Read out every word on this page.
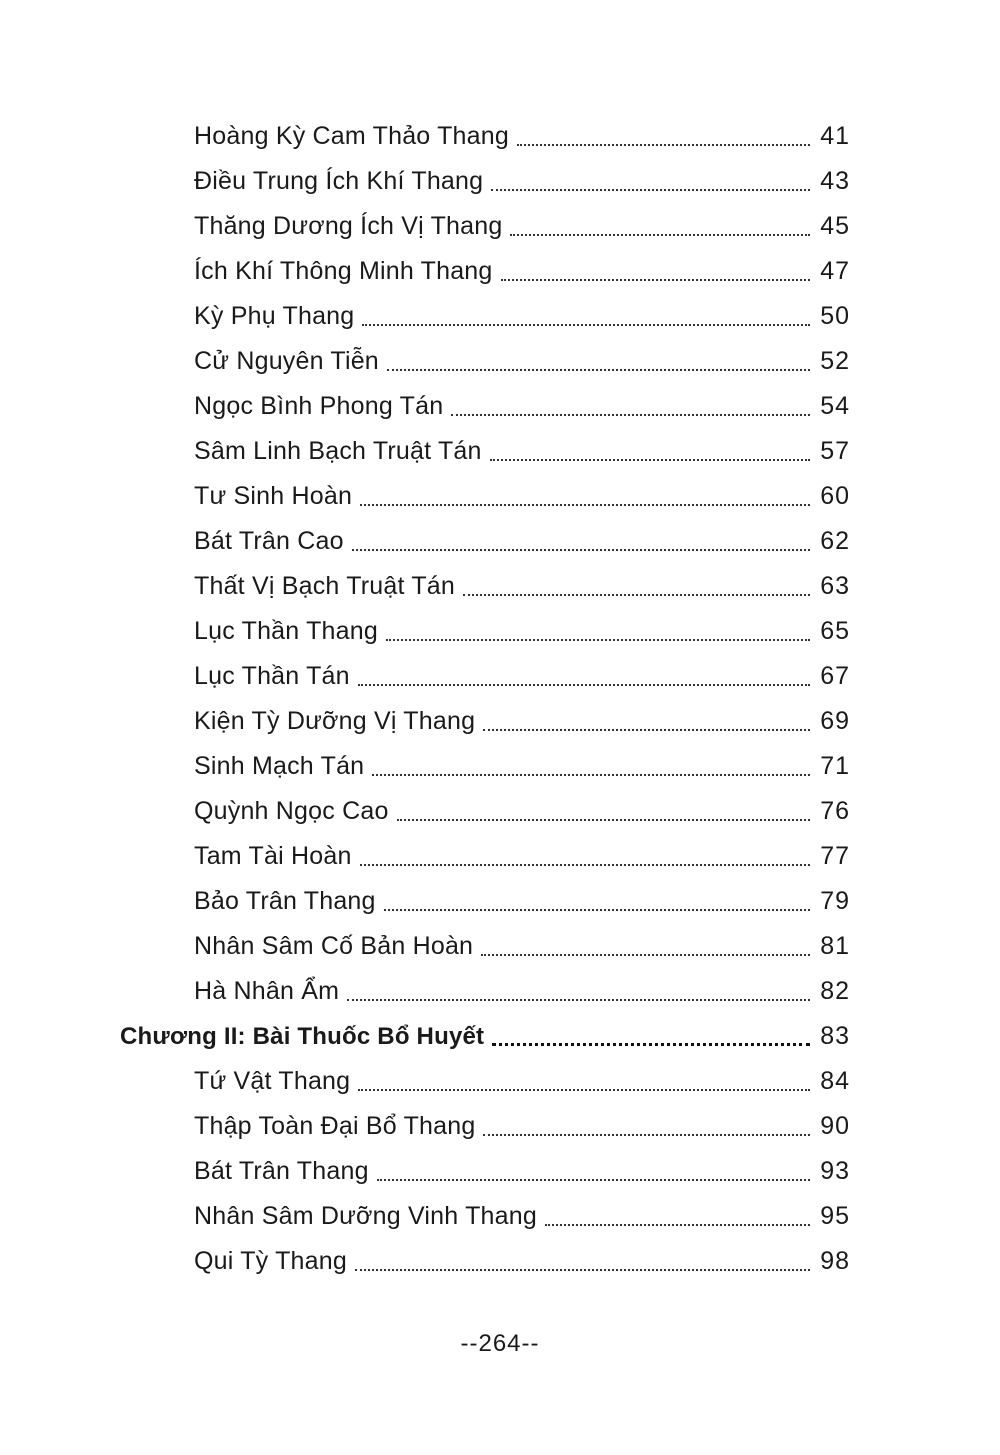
Hoàng Kỳ Cam Thảo Thang	41
Điều Trung Ích Khí Thang	43
Thăng Dương Ích Vị Thang	45
Ích Khí Thông Minh Thang	47
Kỳ Phụ Thang	50
Cử Nguyên Tiễn	52
Ngọc Bình Phong Tán	54
Sâm Linh Bạch Truật Tán	57
Tư Sinh Hoàn	60
Bát Trân Cao	62
Thất Vị Bạch Truật Tán	63
Lục Thần Thang	65
Lục Thần Tán	67
Kiện Tỳ Dưỡng Vị Thang	69
Sinh Mạch Tán	71
Quỳnh Ngọc Cao	76
Tam Tài Hoàn	77
Bảo Trân Thang	79
Nhân Sâm Cố Bản Hoàn	81
Hà Nhân Ẩm	82
Chương II: Bài Thuốc Bổ Huyết	83
Tứ Vật Thang	84
Thập Toàn Đại Bổ Thang	90
Bát Trân Thang	93
Nhân Sâm Dưỡng Vinh Thang	95
Qui Tỳ Thang	98
--264--
